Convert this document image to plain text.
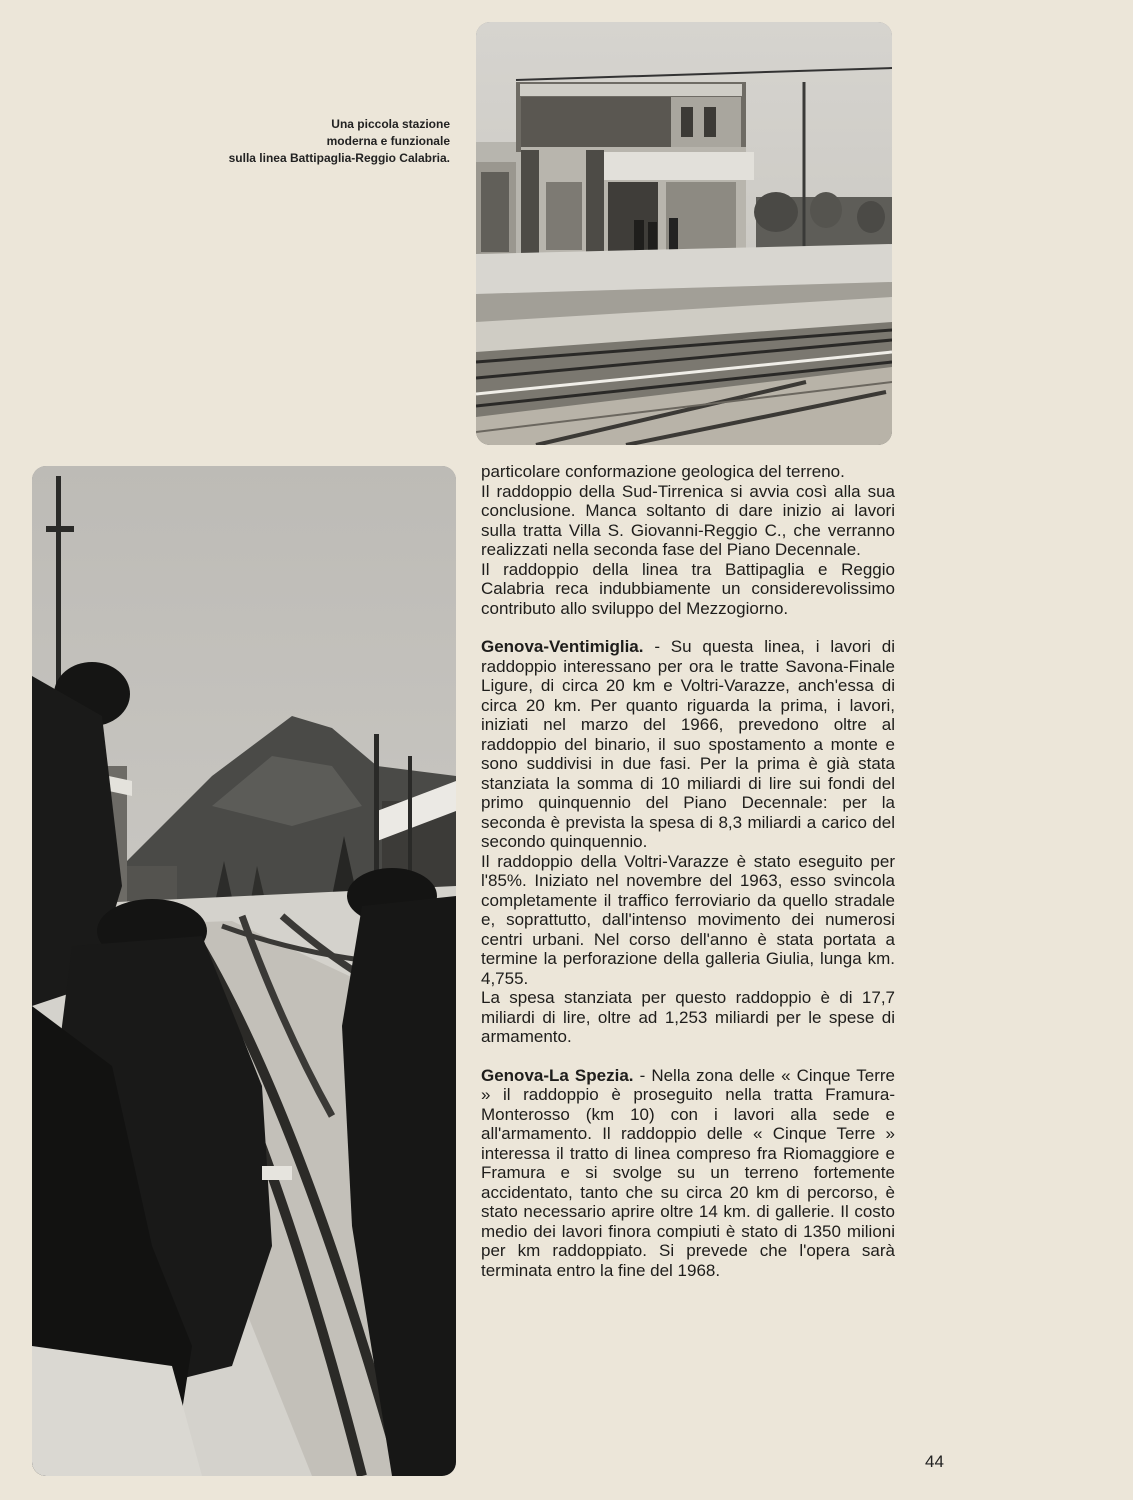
Una piccola stazione
moderna e funzionale
sulla linea Battipaglia-Reggio Calabria.

particolare conformazione geologica del terreno.

Il raddoppio della Sud-Tirrenica si avvia così alla sua conclusione. Manca soltanto di dare inizio ai lavori sulla tratta Villa S. Giovanni-Reggio C., che verranno realizzati nella seconda fase del Piano Decennale.

Il raddoppio della linea tra Battipaglia e Reggio Calabria reca indubbiamente un considerevolissimo contributo allo sviluppo del Mezzogiorno.

Genova-Ventimiglia. - Su questa linea, i lavori di raddoppio interessano per ora le tratte Savona-Finale Ligure, di circa 20 km e Voltri-Varazze, anch'essa di circa 20 km. Per quanto riguarda la prima, i lavori, iniziati nel marzo del 1966, prevedono oltre al raddoppio del binario, il suo spostamento a monte e sono suddivisi in due fasi. Per la prima è già stata stanziata la somma di 10 miliardi di lire sui fondi del primo quinquennio del Piano Decennale: per la seconda è prevista la spesa di 8,3 miliardi a carico del secondo quinquennio.

Il raddoppio della Voltri-Varazze è stato eseguito per l'85%. Iniziato nel novembre del 1963, esso svincola completamente il traffico ferroviario da quello stradale e, soprattutto, dall'intenso movimento dei numerosi centri urbani. Nel corso dell'anno è stata portata a termine la perforazione della galleria Giulia, lunga km. 4,755.

La spesa stanziata per questo raddoppio è di 17,7 miliardi di lire, oltre ad 1,253 miliardi per le spese di armamento.

Genova-La Spezia. - Nella zona delle « Cinque Terre » il raddoppio è proseguito nella tratta Framura-Monterosso (km 10) con i lavori alla sede e all'armamento. Il raddoppio delle « Cinque Terre » interessa il tratto di linea compreso fra Riomaggiore e Framura e si svolge su un terreno fortemente accidentato, tanto che su circa 20 km di percorso, è stato necessario aprire oltre 14 km. di gallerie. Il costo medio dei lavori finora compiuti è stato di 1350 milioni per km raddoppiato. Si prevede che l'opera sarà terminata entro la fine del 1968.

44
